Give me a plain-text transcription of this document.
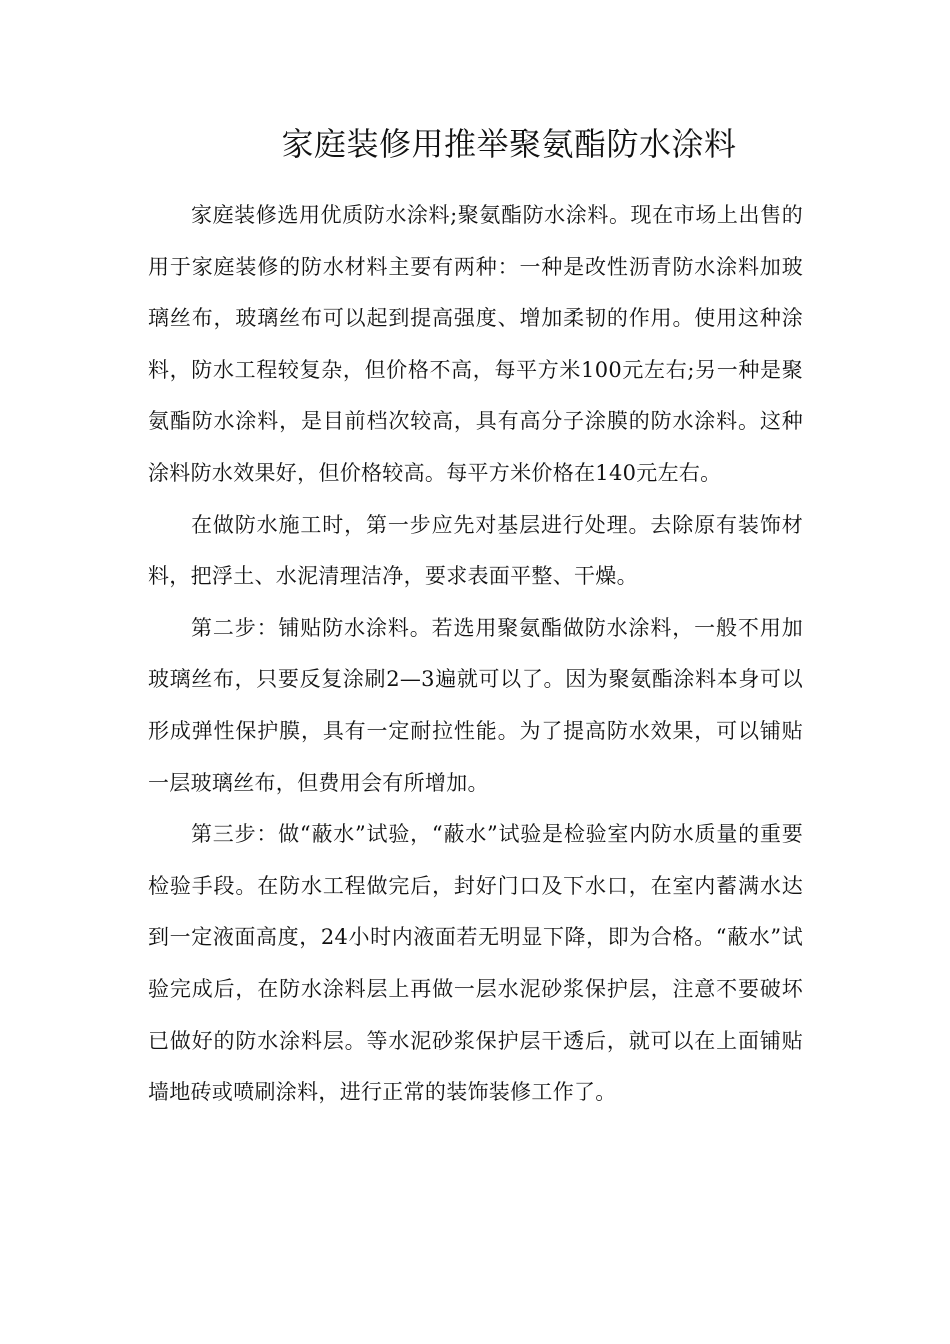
家庭装修用推举聚氨酯防水涂料

家庭装修选用优质防水涂料;聚氨酯防水涂料。现在市场上出售的用于家庭装修的防水材料主要有两种：一种是改性沥青防水涂料加玻璃丝布，玻璃丝布可以起到提高强度、增加柔韧的作用。使用这种涂料，防水工程较复杂，但价格不高，每平方米100元左右;另一种是聚氨酯防水涂料，是目前档次较高，具有高分子涂膜的防水涂料。这种涂料防水效果好，但价格较高。每平方米价格在140元左右。

在做防水施工时，第一步应先对基层进行处理。去除原有装饰材料，把浮土、水泥清理洁净，要求表面平整、干燥。

第二步：铺贴防水涂料。若选用聚氨酯做防水涂料，一般不用加玻璃丝布，只要反复涂刷2—3遍就可以了。因为聚氨酯涂料本身可以形成弹性保护膜，具有一定耐拉性能。为了提高防水效果，可以铺贴一层玻璃丝布，但费用会有所增加。

第三步：做“蔽水”试验，“蔽水”试验是检验室内防水质量的重要检验手段。在防水工程做完后，封好门口及下水口，在室内蓄满水达到一定液面高度，24小时内液面若无明显下降，即为合格。“蔽水”试验完成后，在防水涂料层上再做一层水泥砂浆保护层，注意不要破坏已做好的防水涂料层。等水泥砂浆保护层干透后，就可以在上面铺贴墙地砖或喷刷涂料，进行正常的装饰装修工作了。
